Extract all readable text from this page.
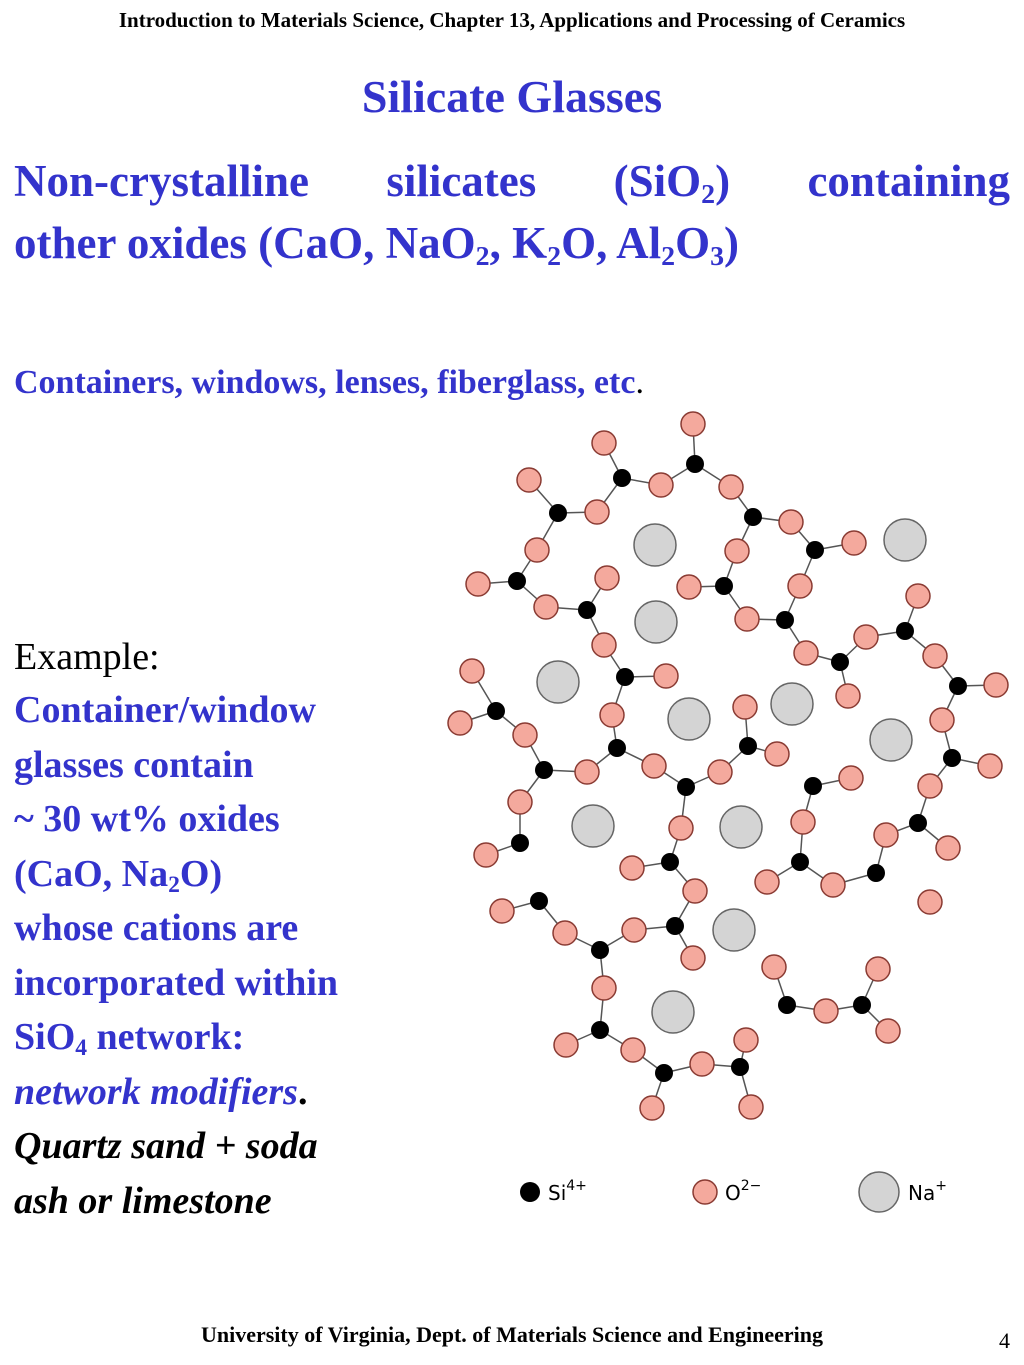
Introduction to Materials Science, Chapter 13, Applications and Processing of Ceramics
Silicate Glasses
Non-crystalline silicates (SiO$_2$) containing
other oxides (CaO, NaO$_2$, $K_2O$, $Al_2O_3$)
Containers, windows, lenses, fiberglass, etc.
Example:
Container/window
glasses contain
~ 30 wt% oxides
(CaO, $Na_2O$)
whose cations are
incorporated within
SiO$_4$ network:
network modifiers.
Quartz sand + soda
ash or limestone	$Si^{4+}$	$O^{2-}$	Na+
University of Virginia, Dept. of Materials Science and Engineering	4
